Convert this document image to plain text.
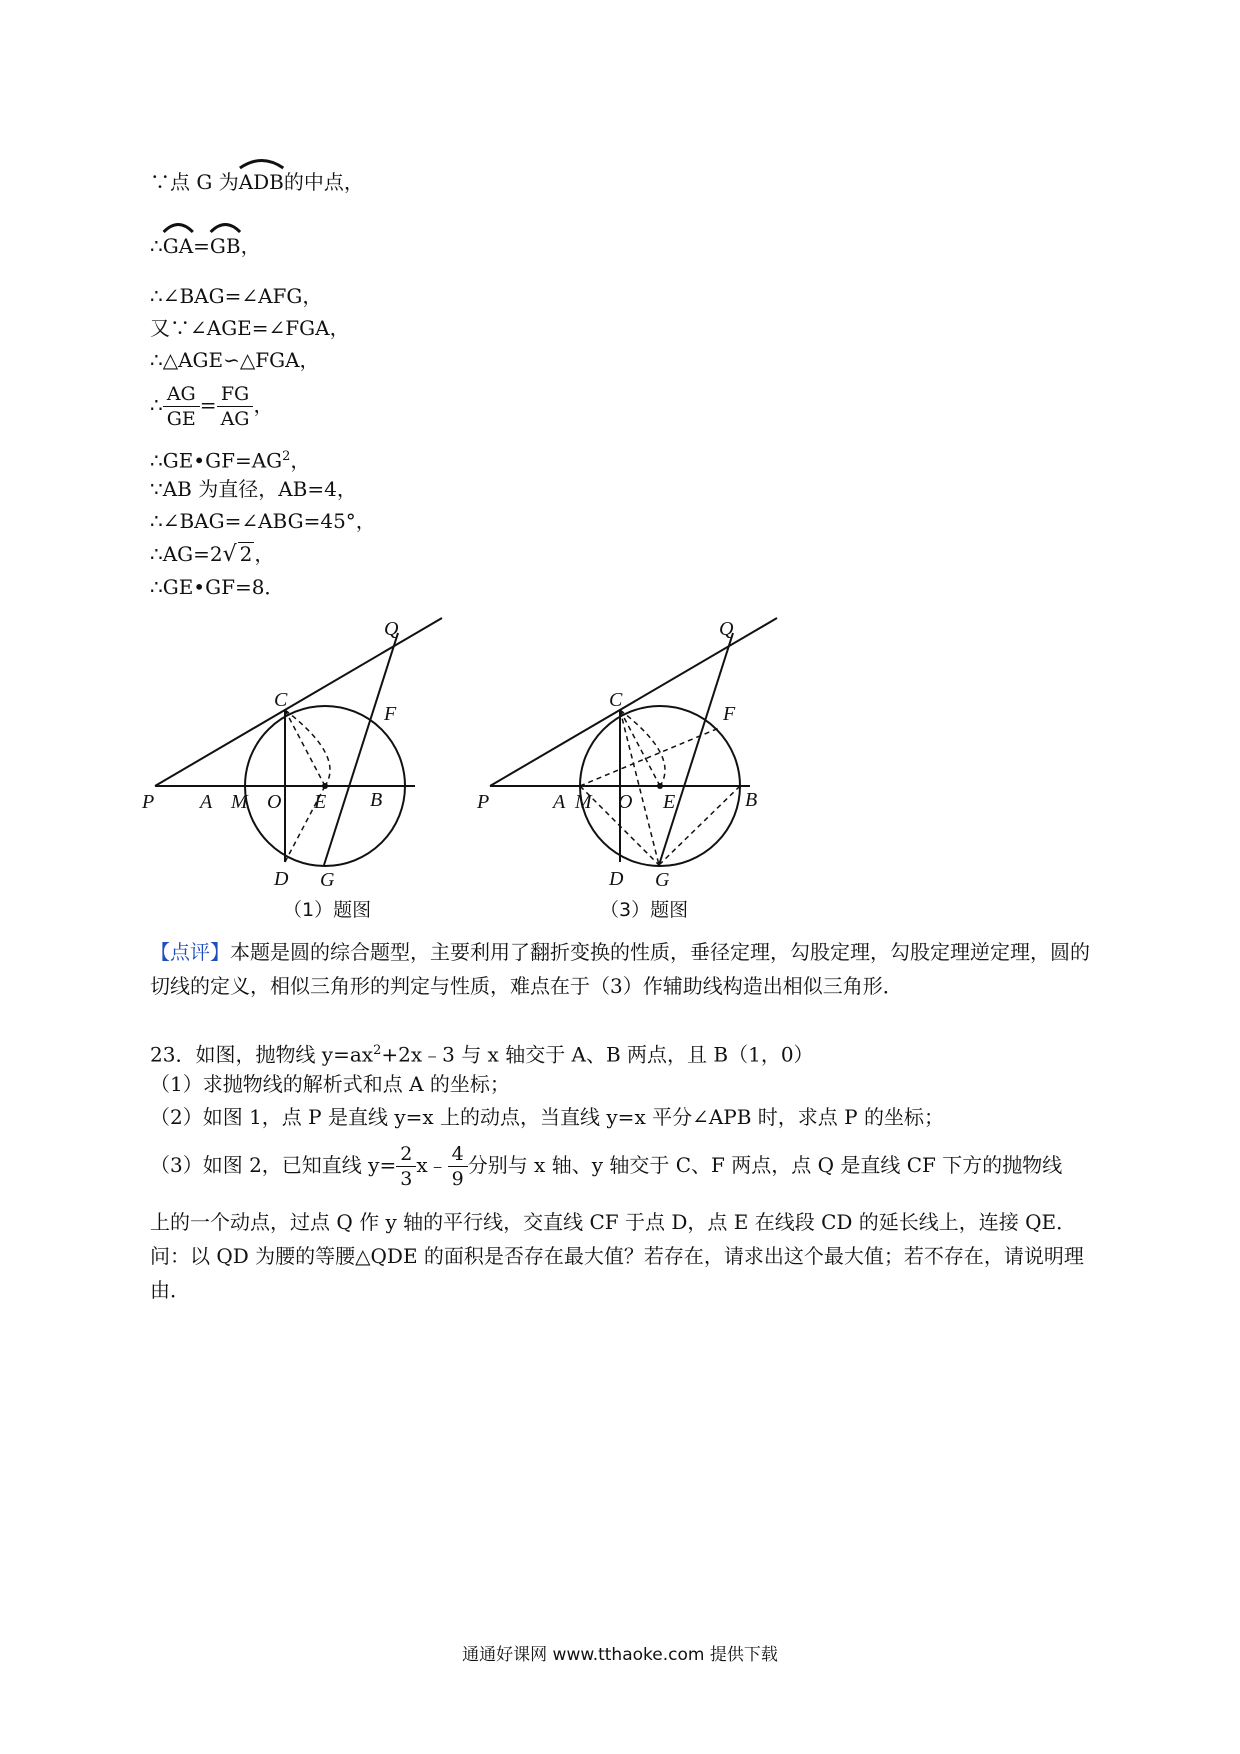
∵点 G 为ADB
的中点，
∴GA
=GB
，
∴∠BAG=∠AFG，
又∵∠AGE=∠FGA，
∴△AGE∽△FGA，
∴ $\frac{AG}{GE} = \frac{FG}{AG}$ ，
$\therefore GE•GF=AG^2$，
∵AB 为直径，AB=4，
∴∠BAG=∠ABG=45°，
∴AG=2√ 2 ，
∴GE•GF=8．
P A M O E B
C
D G
F
Q
（1）题图
P	A M O E	B
C
D G
F
Q
（3）题图
【点评】本题是圆的综合题型，主要利用了翻折变换的性质，垂径定理，勾股定理，勾股定理逆定理，圆的切线的定义，相似三角形的判定与性质，难点在于（3）作辅助线构造出相似三角形．
23．如图，抛物线 $y=ax^2+2x﹣3$ 与 x 轴交于 A、B 两点，且 B（1，0）
（1）求抛物线的解析式和点 A 的坐标；
（2）如图 1，点 P 是直线 y=x 上的动点，当直线 y=x 平分∠APB 时，求点 P 的坐标；
（3）如图 2，已知直线 $y= \frac{2}{3}$ x﹣ $\frac{4}{9}$ 分别与 x 轴、y 轴交于 C、F 两点，点 Q 是直线 CF 下方的抛物线
上的一个动点，过点 Q 作 y 轴的平行线，交直线 CF 于点 D，点 E 在线段 CD 的延长线上，连接 QE．问：以 QD 为腰的等腰△QDE 的面积是否存在最大值？若存在，请求出这个最大值；若不存在，请说明理由．
通通好课网 www.tthaoke.com 提供下载
